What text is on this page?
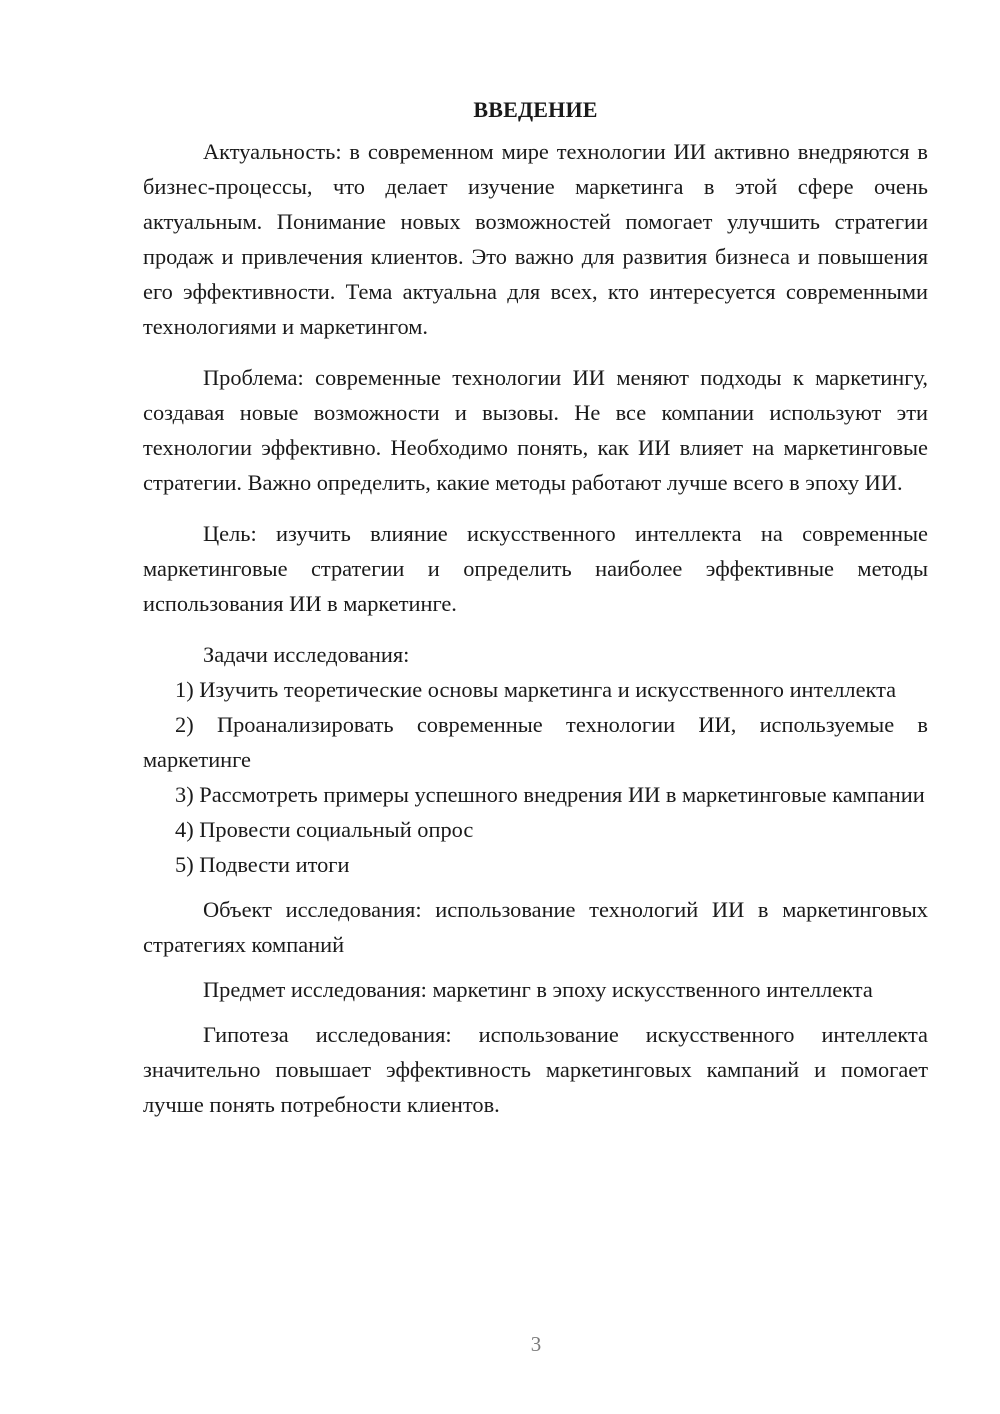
ВВЕДЕНИЕ

Актуальность: в современном мире технологии ИИ активно внедряются в бизнес-процессы, что делает изучение маркетинга в этой сфере очень актуальным. Понимание новых возможностей помогает улучшить стратегии продаж и привлечения клиентов. Это важно для развития бизнеса и повышения его эффективности. Тема актуальна для всех, кто интересуется современными технологиями и маркетингом.

Проблема: современные технологии ИИ меняют подходы к маркетингу, создавая новые возможности и вызовы. Не все компании используют эти технологии эффективно. Необходимо понять, как ИИ влияет на маркетинговые стратегии. Важно определить, какие методы работают лучше всего в эпоху ИИ.

Цель: изучить влияние искусственного интеллекта на современные маркетинговые стратегии и определить наиболее эффективные методы использования ИИ в маркетинге.

Задачи исследования:

1) Изучить теоретические основы маркетинга и искусственного интеллекта

2) Проанализировать современные технологии ИИ, используемые в маркетинге

3) Рассмотреть примеры успешного внедрения ИИ в маркетинговые кампании

4) Провести социальный опрос

5) Подвести итоги

Объект исследования: использование технологий ИИ в маркетинговых стратегиях компаний

Предмет исследования: маркетинг в эпоху искусственного интеллекта

Гипотеза исследования: использование искусственного интеллекта значительно повышает эффективность маркетинговых кампаний и помогает лучше понять потребности клиентов.

3
